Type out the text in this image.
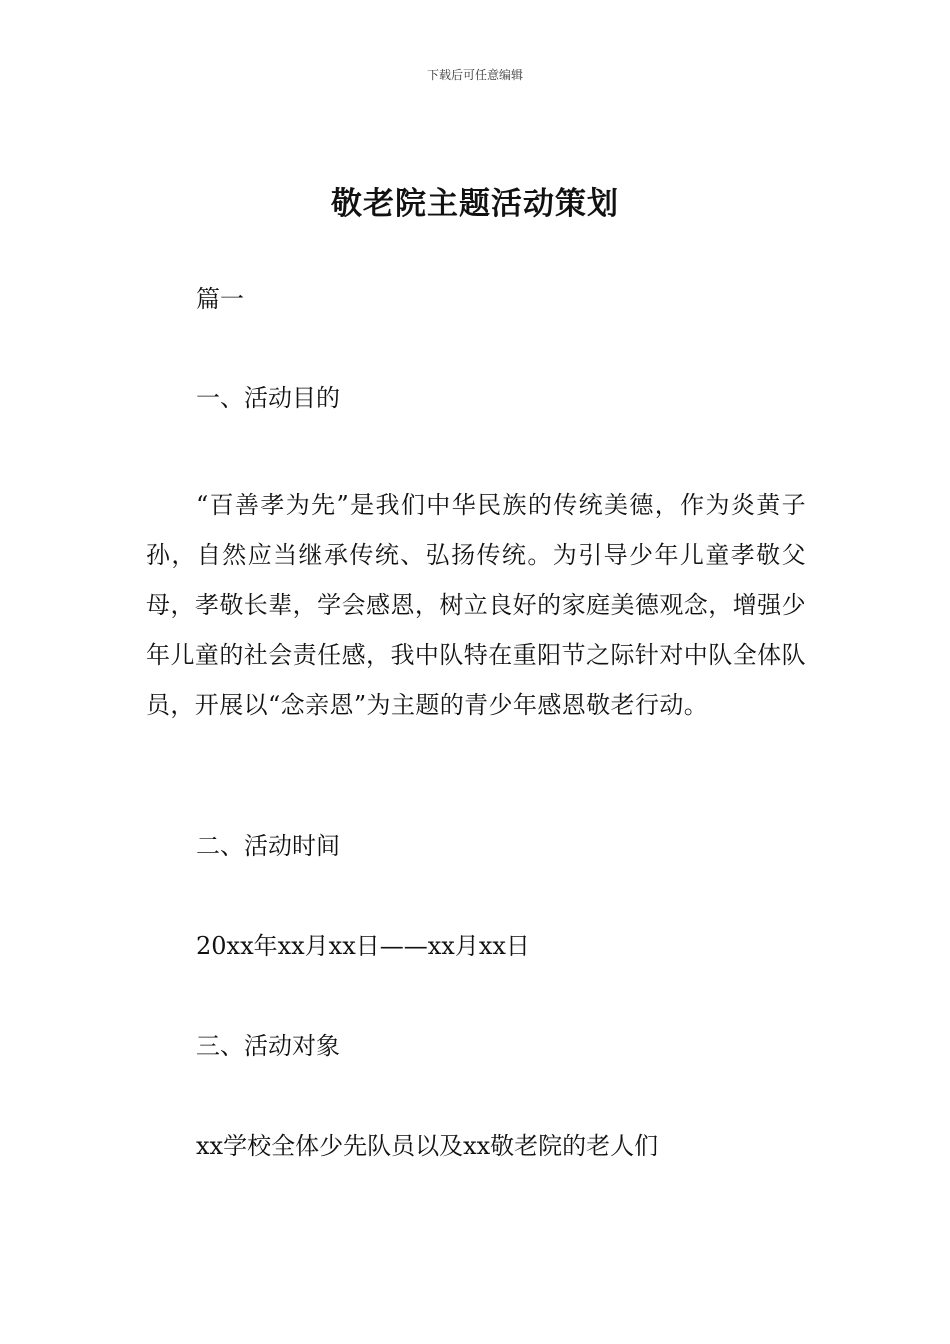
下载后可任意编辑
敬老院主题活动策划
篇一
一、活动目的
“百善孝为先”是我们中华民族的传统美德，作为炎黄子孙，自然应当继承传统、弘扬传统。为引导少年儿童孝敬父母，孝敬长辈，学会感恩，树立良好的家庭美德观念，增强少年儿童的社会责任感，我中队特在重阳节之际针对中队全体队员，开展以“念亲恩”为主题的青少年感恩敬老行动。
二、活动时间
20xx年xx月xx日——xx月xx日
三、活动对象
xx学校全体少先队员以及xx敬老院的老人们
